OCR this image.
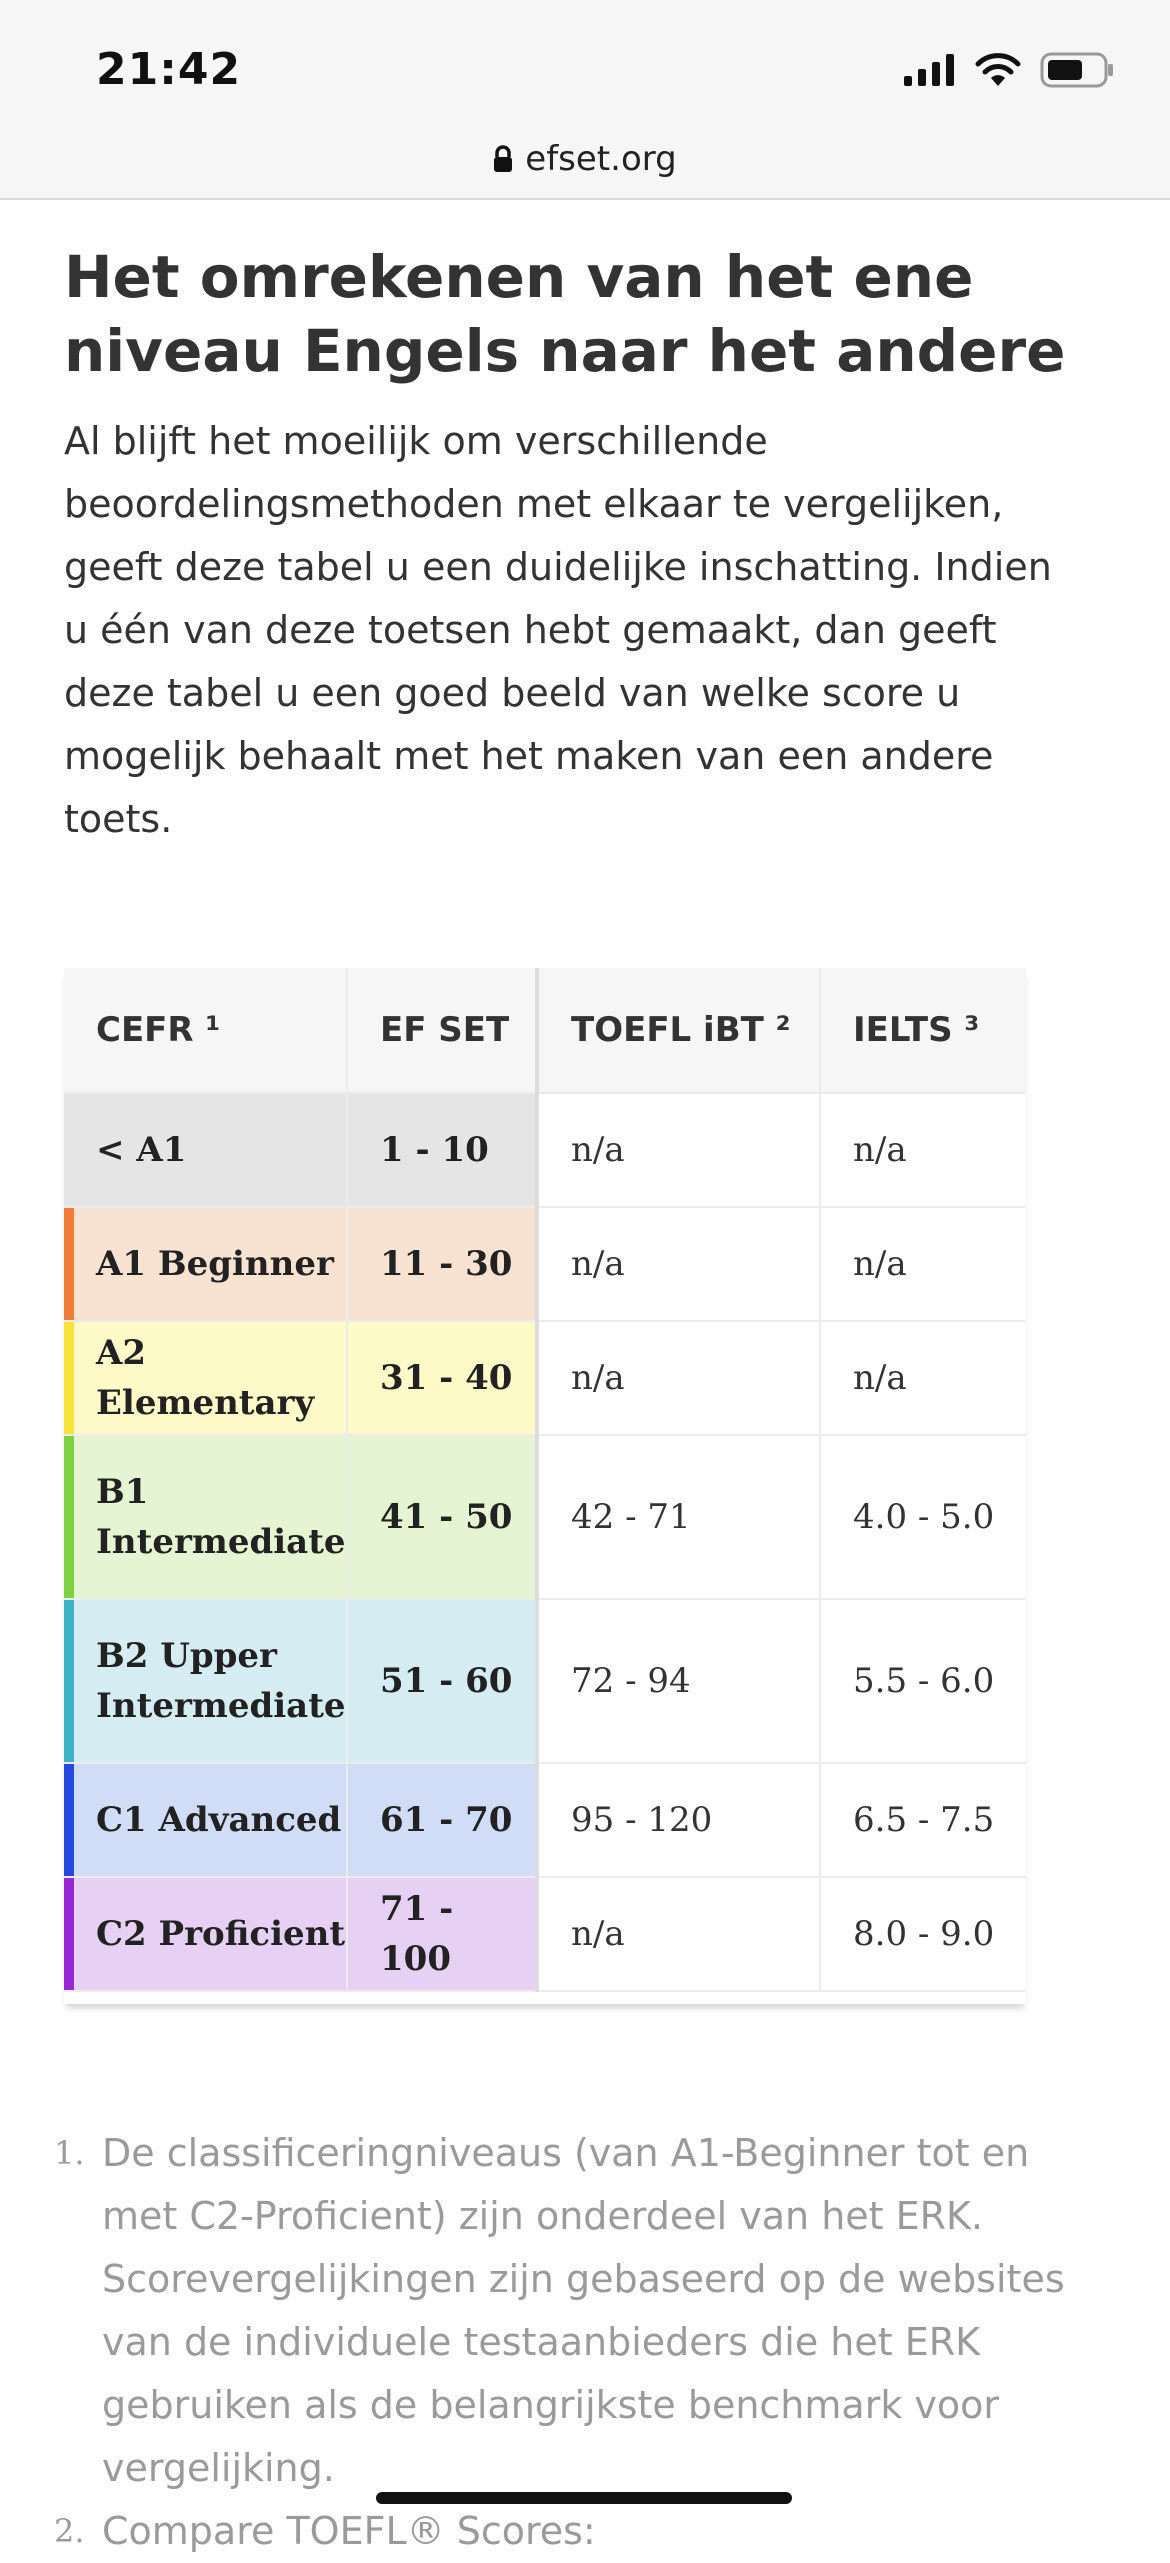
21:42
efset.org
Het omrekenen van het ene niveau Engels naar het andere
Al blijft het moeilijk om verschillende beoordelingsmethoden met elkaar te vergelijken, geeft deze tabel u een duidelijke inschatting. Indien u één van deze toetsen hebt gemaakt, dan geeft deze tabel u een goed beeld van welke score u mogelijk behaalt met het maken van een andere toets.
CEFR ¹	EF SET	TOEFL iBT ²	IELTS ³

< A1	1 - 10	n/a	n/a

A1 Beginner	11 - 30	n/a	n/a

A2 Elementary	31 - 40	n/a	n/a

B1 Intermediate	41 - 50	42 - 71	4.0 - 5.0

B2 Upper Intermediate	51 - 60	72 - 94	5.5 - 6.0

C1 Advanced	61 - 70	95 - 120	6.5 - 7.5

C2 Proficient	71 - 100	n/a	8.0 - 9.0
1. De classificeringniveaus (van A1-Beginner tot en met C2-Proficient) zijn onderdeel van het ERK. Scorevergelijkingen zijn gebaseerd op de websites van de individuele testaanbieders die het ERK gebruiken als de belangrijkste benchmark voor vergelijking.
2. Compare TOEFL® Scores:
